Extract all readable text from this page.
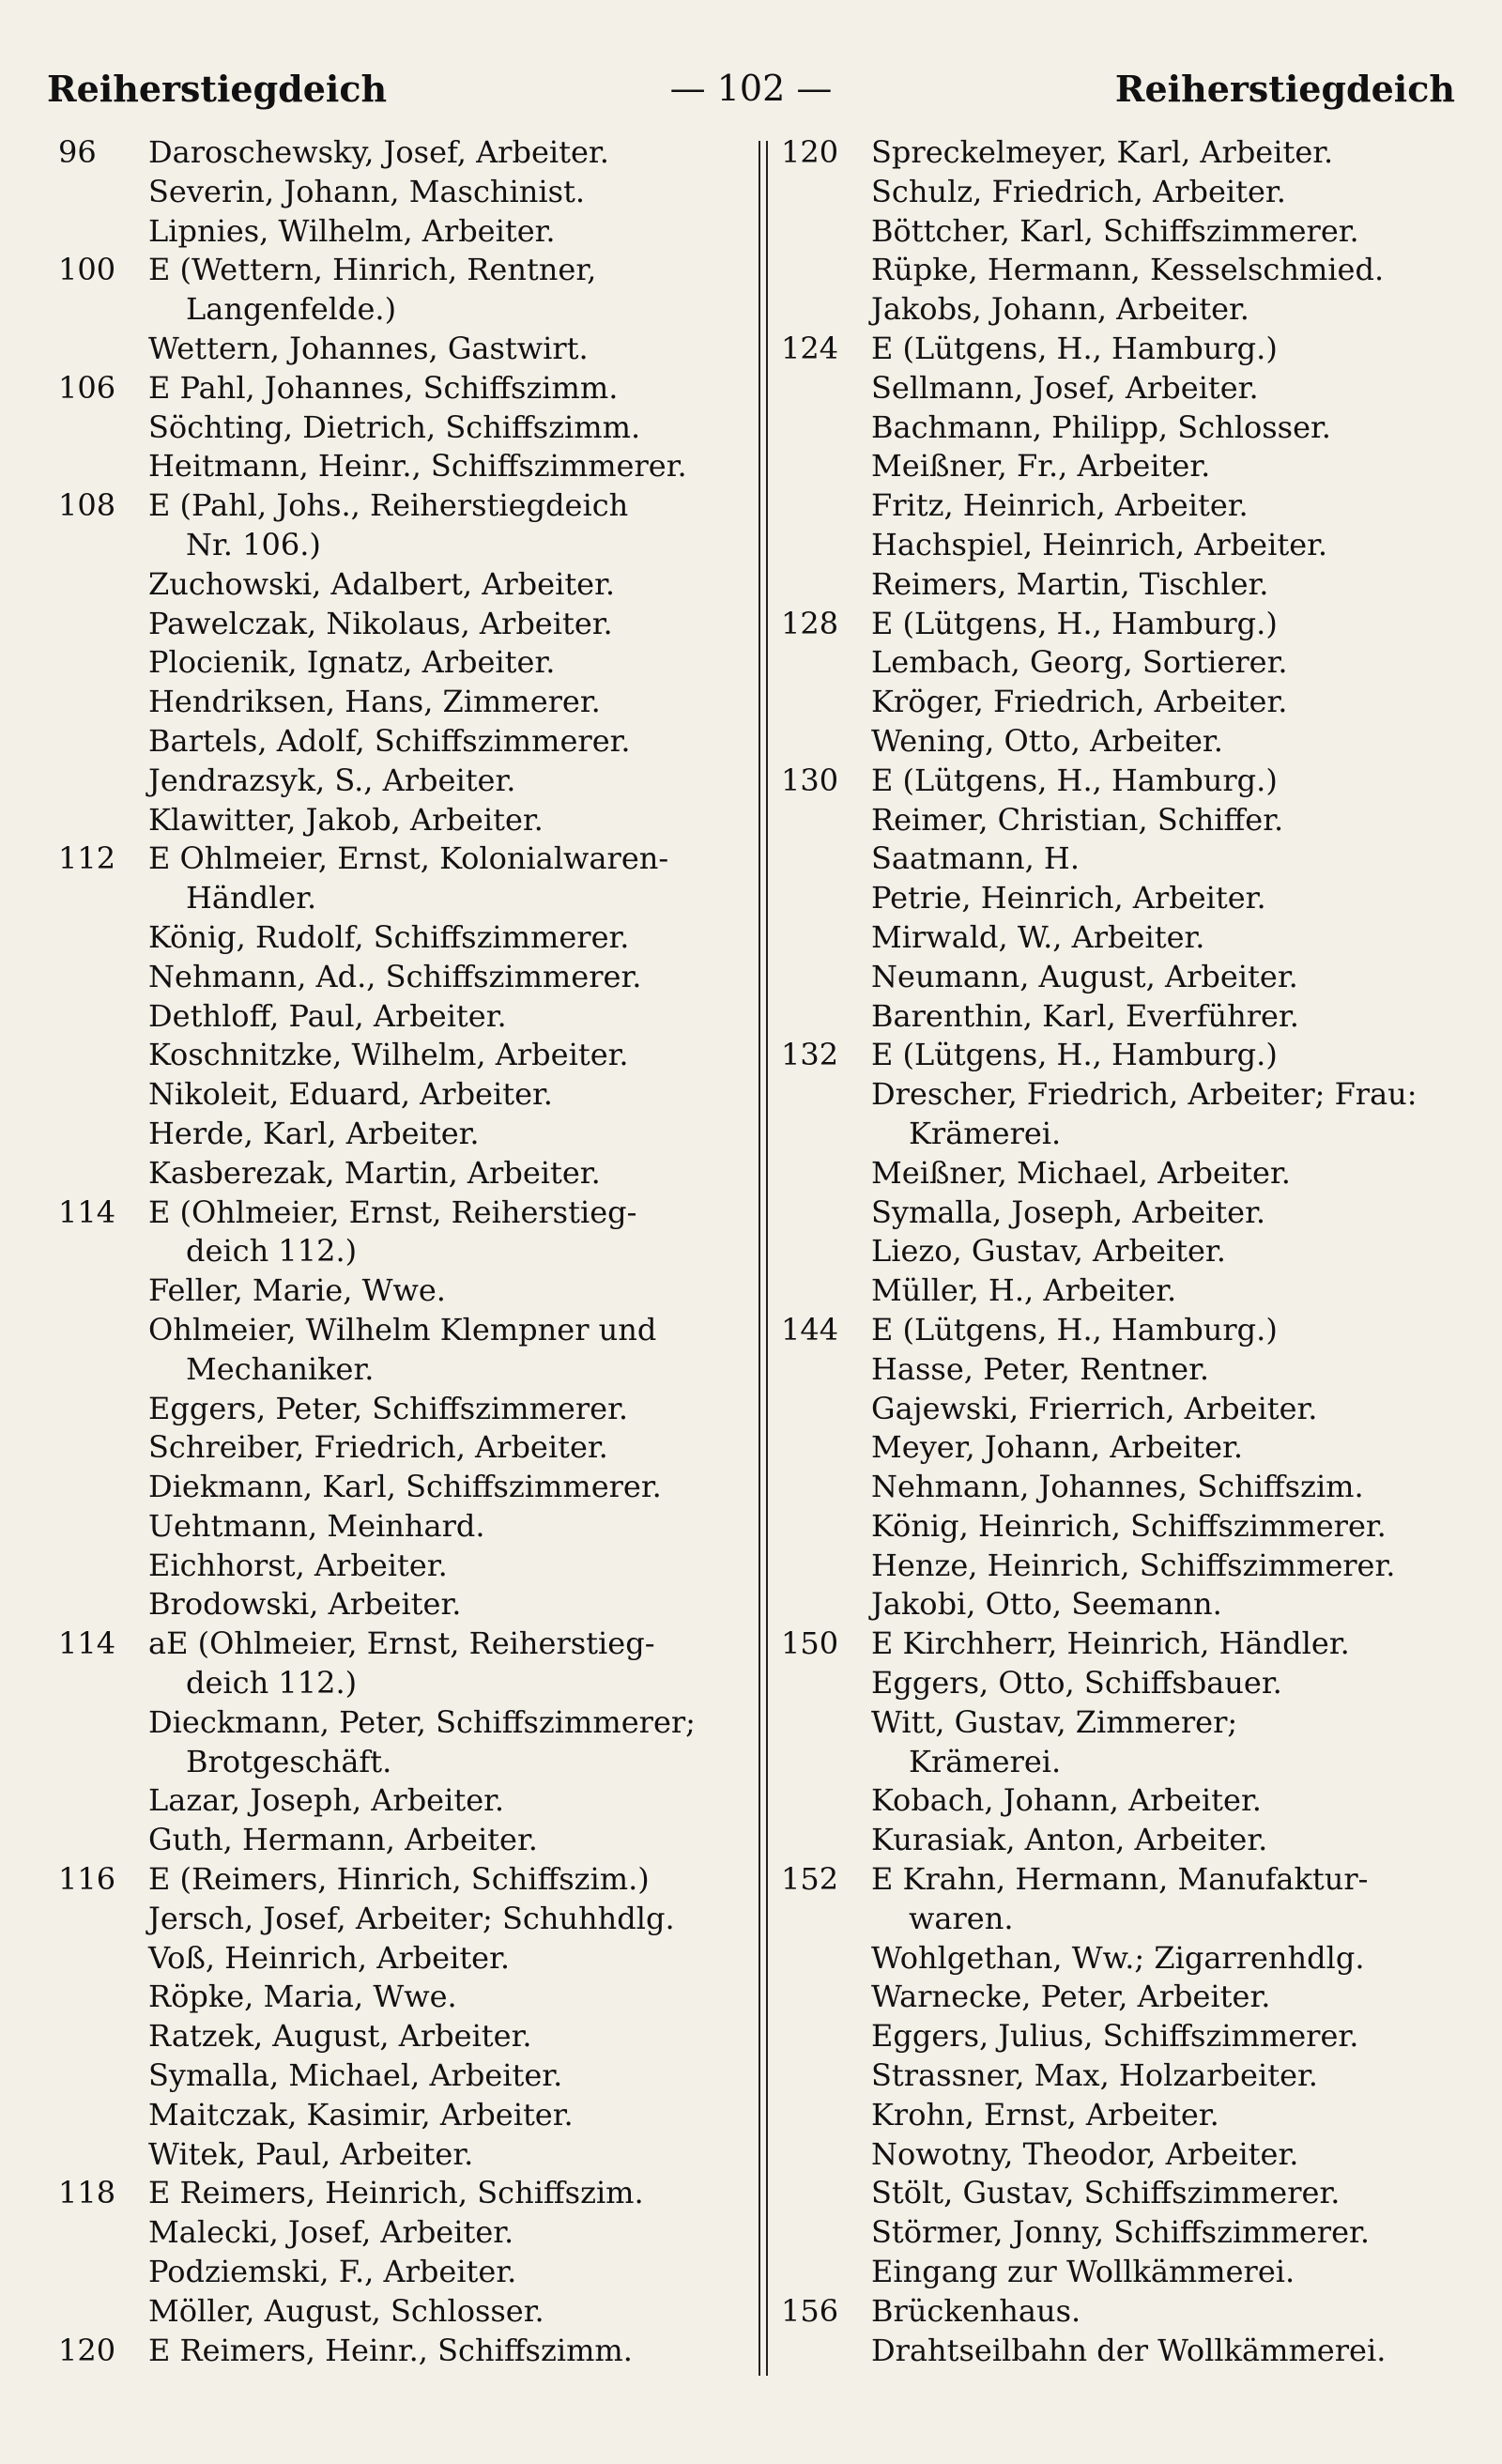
Reiherstiegdeich	— 102 —	Reiherstiegdeich
96	Daroschewsky, Josef, Arbeiter.
Severin, Johann, Maschinist.
Lipnies, Wilhelm, Arbeiter.
100	E (Wettern, Hinrich, Rentner,
Langenfelde.)
Wettern, Johannes, Gastwirt.
106	E Pahl, Johannes, Schiffszimm.
Söchting, Dietrich, Schiffszimm.
Heitmann, Heinr., Schiffszimmerer.
108	E (Pahl, Johs., Reiherstiegdeich
Nr. 106.)
Zuchowski, Adalbert, Arbeiter.
Pawelczak, Nikolaus, Arbeiter.
Plocienik, Ignatz, Arbeiter.
Hendriksen, Hans, Zimmerer.
Bartels, Adolf, Schiffszimmerer.
Jendrazsyk, S., Arbeiter.
Klawitter, Jakob, Arbeiter.
112	E Ohlmeier, Ernst, Kolonialwaren-
Händler.
König, Rudolf, Schiffszimmerer.
Nehmann, Ad., Schiffszimmerer.
Dethloff, Paul, Arbeiter.
Koschnitzke, Wilhelm, Arbeiter.
Nikoleit, Eduard, Arbeiter.
Herde, Karl, Arbeiter.
Kasberezak, Martin, Arbeiter.
114	E (Ohlmeier, Ernst, Reiherstieg-
deich 112.)
Feller, Marie, Wwe.
Ohlmeier, Wilhelm Klempner und
Mechaniker.
Eggers, Peter, Schiffszimmerer.
Schreiber, Friedrich, Arbeiter.
Diekmann, Karl, Schiffszimmerer.
Uehtmann, Meinhard.
Eichhorst, Arbeiter.
Brodowski, Arbeiter.
114	aE (Ohlmeier, Ernst, Reiherstieg-
deich 112.)
Dieckmann, Peter, Schiffszimmerer;
Brotgeschäft.
Lazar, Joseph, Arbeiter.
Guth, Hermann, Arbeiter.
116	E (Reimers, Hinrich, Schiffszim.)
Jersch, Josef, Arbeiter; Schuhhdlg.
Voß, Heinrich, Arbeiter.
Röpke, Maria, Wwe.
Ratzek, August, Arbeiter.
Symalla, Michael, Arbeiter.
Maitczak, Kasimir, Arbeiter.
Witek, Paul, Arbeiter.
118	E Reimers, Heinrich, Schiffszim.
Malecki, Josef, Arbeiter.
Podziemski, F., Arbeiter.
Möller, August, Schlosser.
120	E Reimers, Heinr., Schiffszimm.
120	Spreckelmeyer, Karl, Arbeiter.
Schulz, Friedrich, Arbeiter.
Böttcher, Karl, Schiffszimmerer.
Rüpke, Hermann, Kesselschmied.
Jakobs, Johann, Arbeiter.
124	E (Lütgens, H., Hamburg.)
Sellmann, Josef, Arbeiter.
Bachmann, Philipp, Schlosser.
Meißner, Fr., Arbeiter.
Fritz, Heinrich, Arbeiter.
Hachspiel, Heinrich, Arbeiter.
Reimers, Martin, Tischler.
128	E (Lütgens, H., Hamburg.)
Lembach, Georg, Sortierer.
Kröger, Friedrich, Arbeiter.
Wening, Otto, Arbeiter.
130	E (Lütgens, H., Hamburg.)
Reimer, Christian, Schiffer.
Saatmann, H.
Petrie, Heinrich, Arbeiter.
Mirwald, W., Arbeiter.
Neumann, August, Arbeiter.
Barenthin, Karl, Everführer.
132	E (Lütgens, H., Hamburg.)
Drescher, Friedrich, Arbeiter; Frau:
Krämerei.
Meißner, Michael, Arbeiter.
Symalla, Joseph, Arbeiter.
Liezo, Gustav, Arbeiter.
Müller, H., Arbeiter.
144	E (Lütgens, H., Hamburg.)
Hasse, Peter, Rentner.
Gajewski, Frierrich, Arbeiter.
Meyer, Johann, Arbeiter.
Nehmann, Johannes, Schiffszim.
König, Heinrich, Schiffszimmerer.
Henze, Heinrich, Schiffszimmerer.
Jakobi, Otto, Seemann.
150	E Kirchherr, Heinrich, Händler.
Eggers, Otto, Schiffsbauer.
Witt, Gustav, Zimmerer;
Krämerei.
Kobach, Johann, Arbeiter.
Kurasiak, Anton, Arbeiter.
152	E Krahn, Hermann, Manufaktur-
waren.
Wohlgethan, Ww.; Zigarrenhdlg.
Warnecke, Peter, Arbeiter.
Eggers, Julius, Schiffszimmerer.
Strassner, Max, Holzarbeiter.
Krohn, Ernst, Arbeiter.
Nowotny, Theodor, Arbeiter.
Stölt, Gustav, Schiffszimmerer.
Störmer, Jonny, Schiffszimmerer.
Eingang zur Wollkämmerei.
156	Brückenhaus.
Drahtseilbahn der Wollkämmerei.
